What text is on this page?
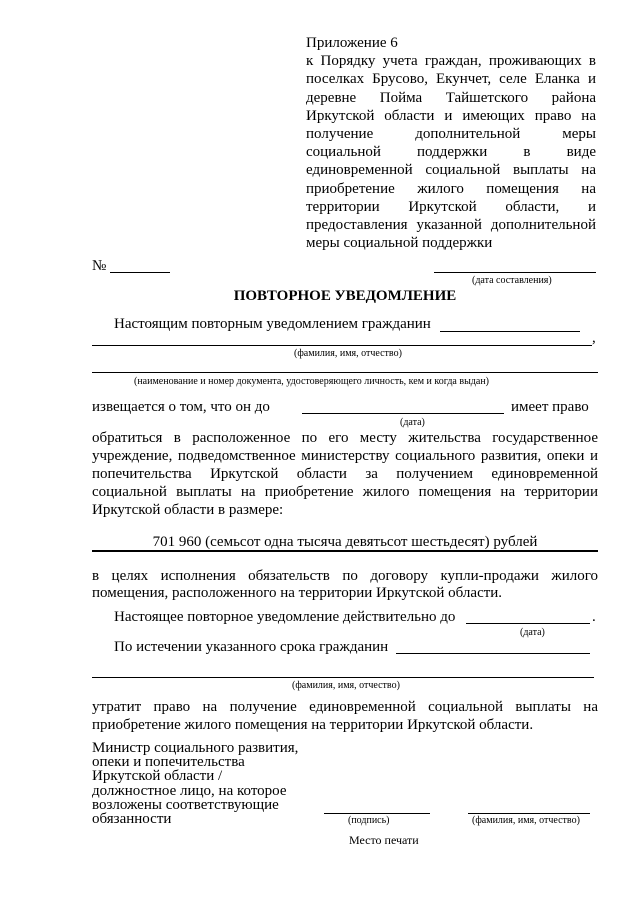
Приложение 6
к Порядку учета граждан, проживающих в
поселках Брусово, Екунчет, селе Еланка и
деревне Пойма Тайшетского района
Иркутской области и имеющих право на
получение дополнительной меры
социальной поддержки в виде
единовременной социальной выплаты на
приобретение жилого помещения на
территории Иркутской области, и
предоставления указанной дополнительной
меры социальной поддержки
№
(дата составления)
ПОВТОРНОЕ УВЕДОМЛЕНИЕ
Настоящим повторным уведомлением гражданин
,
(фамилия, имя, отчество)
(наименование и номер документа, удостоверяющего личность, кем и когда выдан)
извещается о том, что он до	имеет право
(дата)
обратиться в расположенное по его месту жительства государственное
учреждение, подведомственное министерству социального развития, опеки и
попечительства Иркутской области за получением единовременной
социальной выплаты на приобретение жилого помещения на территории
Иркутской области в размере:
701 960 (семьсот одна тысяча девятьсот шестьдесят) рублей
в целях исполнения обязательств по договору купли-продажи жилого
помещения, расположенного на территории Иркутской области.
Настоящее повторное уведомление действительно до	.
(дата)
По истечении указанного срока гражданин
(фамилия, имя, отчество)
утратит право на получение единовременной социальной выплаты на
приобретение жилого помещения на территории Иркутской области.
Министр социального развития,
опеки и попечительства
Иркутской области /
должностное лицо, на которое
возложены соответствующие
обязанности	(подпись)	(фамилия, имя, отчество)
Место печати
